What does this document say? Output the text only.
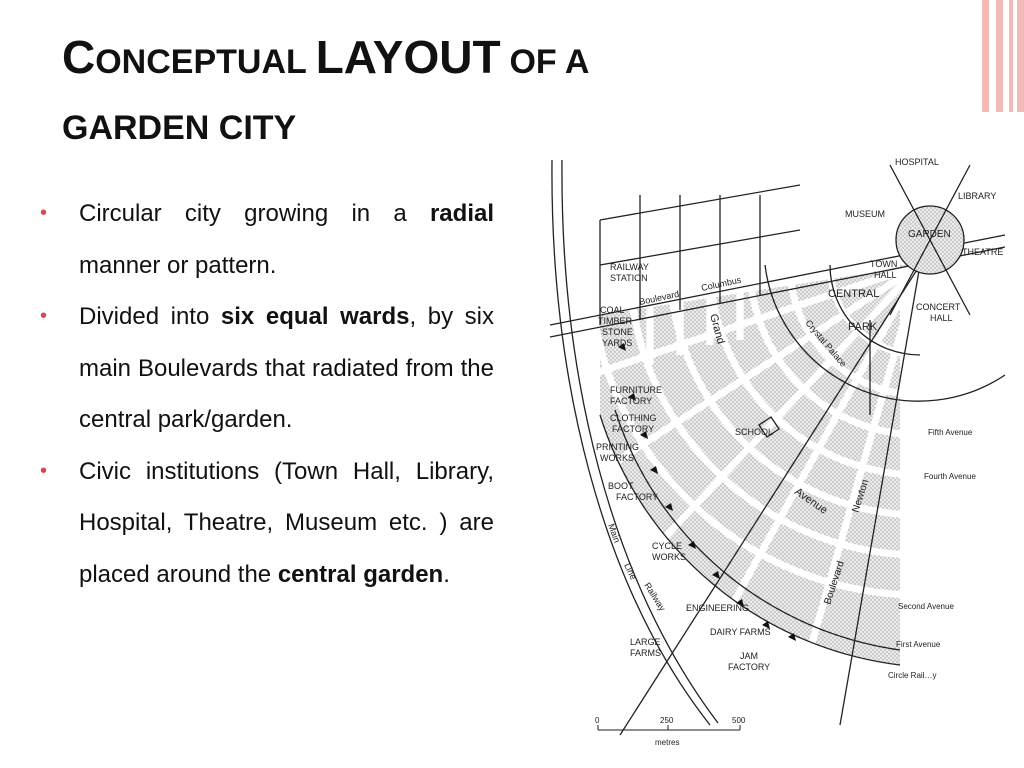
CONCEPTUAL LAYOUT OF A
GARDEN CITY
• Circular city growing in a radial manner or pattern.
• Divided into six equal wards, by six main Boulevards that radiated from the central park/garden.
• Civic institutions (Town Hall, Library, Hospital, Theatre, Museum etc. ) are placed around the central garden.
HOSPITAL
LIBRARY
MUSEUM
GARDEN
THEATRE
TOWN
HALL
CENTRAL
PARK
CONCERT
HALL
RAILWAY
STATION
Boulevard
Columbus
Grand	Crystal Palace
COAL
TIMBER
STONE
YARDS
FURNITURE
FACTORY
CLOTHING
FACTORY
PRINTING
WORKS
BOOT
FACTORY
SCHOOL	Fifth Avenue
Fourth Avenue
Avenue Newton
Boulevard
Main
Line
Railway
CYCLE
WORKS
ENGINEERING
DAIRY FARMS
Second Avenue
First Avenue
LARGE
FARMS	JAM
FACTORY
Circle Rail…y
0	250	500
metres
